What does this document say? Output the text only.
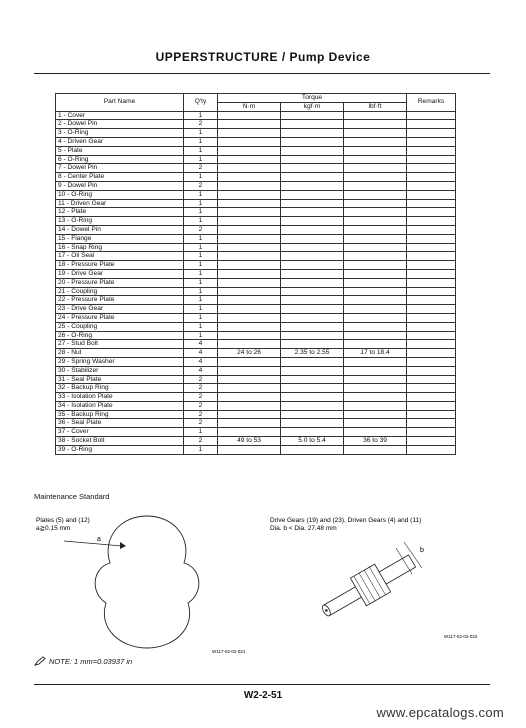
UPPERSTRUCTURE / Pump Device
Part Name	Q'ty	Torque			Remarks
		N·m	kgf·m	lbf·ft	
1 - Cover	1				
2 - Dowel Pin	2				
3 - O-Ring	1				
4 - Driven Gear	1				
5 - Plate	1				
6 - O-Ring	1				
7 - Dowel Pin	2				
8 - Center Plate	1				
9 - Dowel Pin	2				
10 - O-Ring	1				
11 - Driven Gear	1				
12 - Plate	1				
13 - O-Ring	1				
14 - Dowel Pin	2				
15 - Flange	1				
16 - Snap Ring	1				
17 - Oil Seal	1				
18 - Pressure Plate	1				
19 - Drive Gear	1				
20 - Pressure Plate	1				
21 - Coupling	1				
22 - Pressure Plate	1				
23 - Drive Gear	1				
24 - Pressure Plate	1				
25 - Coupling	1				
26 - O-Ring	1				
27 - Stud Bolt	4				
28 - Nut	4	24 to 26	2.35 to 2.55	17 to 18.4	
29 - Spring Washer	4				
30 - Stabilizer	4				
31 - Seal Plate	2				
32 - Backup Ring	2				
33 - Isolation Plate	2				
34 - Isolation Plate	2				
35 - Backup Ring	2				
36 - Seal Plate	2				
37 - Cover	1				
38 - Socket Bolt	2	49 to 53	5.0 to 5.4	36 to 39	
39 - O-Ring	1				
Maintenance Standard
Plates (5) and (12)
a≧0.15 mm
a
W117-02-02-021
Drive Gears (19) and (23), Driven Gears (4) and (11)
Dia. b < Dia. 27.48 mm
b
W117-02-02-022
NOTE: 1 mm=0.03937 in
W2-2-51
www.epcatalogs.com
